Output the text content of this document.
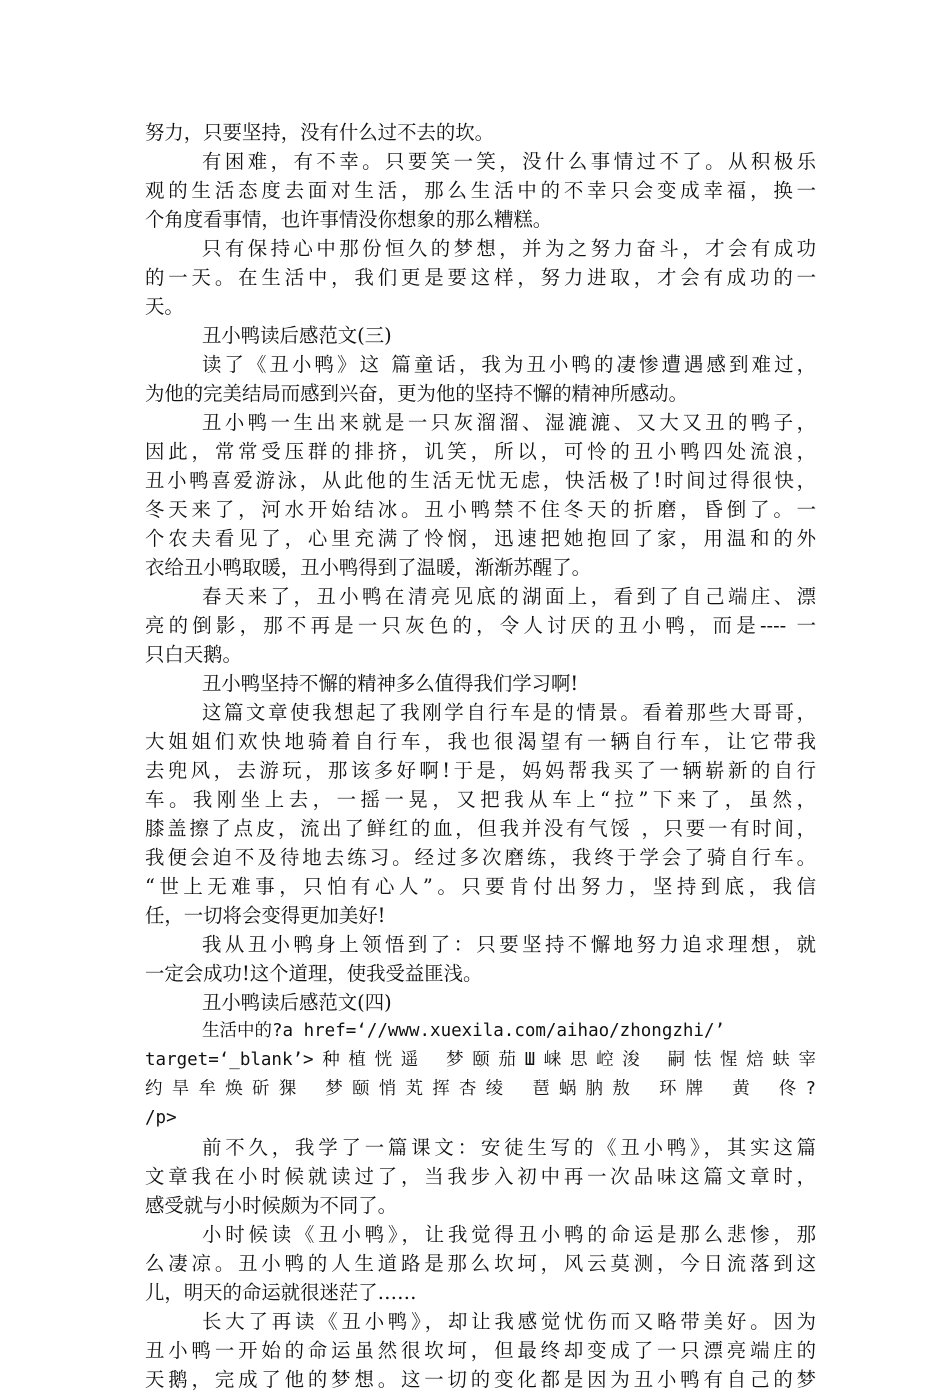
努力，只要坚持，没有什么过不去的坎。
有困难，有不幸。只要笑一笑，没什么事情过不了。从积极乐
观的生活态度去面对生活，那么生活中的不幸只会变成幸福，换一
个角度看事情，也许事情没你想象的那么糟糕。
只有保持心中那份恒久的梦想，并为之努力奋斗，才会有成功
的一天。在生活中，我们更是要这样，努力进取，才会有成功的一
天。
丑小鸭读后感范文(三)
读了《丑小鸭》这 篇童话，我为丑小鸭的凄惨遭遇感到难过，
为他的完美结局而感到兴奋，更为他的坚持不懈的精神所感动。
丑小鸭一生出来就是一只灰溜溜、湿漉漉、又大又丑的鸭子，
因此，常常受压群的排挤，讥笑，所以，可怜的丑小鸭四处流浪，
丑小鸭喜爱游泳，从此他的生活无忧无虑，快活极了!时间过得很快，
冬天来了，河水开始结冰。丑小鸭禁不住冬天的折磨，昏倒了。一
个农夫看见了，心里充满了怜悯，迅速把她抱回了家，用温和的外
衣给丑小鸭取暖，丑小鸭得到了温暖，渐渐苏醒了。
春天来了，丑小鸭在清亮见底的湖面上，看到了自己端庄、漂
亮的倒影，那不再是一只灰色的，令人讨厌的丑小鸭，而是---- 一
只白天鹅。
丑小鸭坚持不懈的精神多么值得我们学习啊!
这篇文章使我想起了我刚学自行车是的情景。看着那些大哥哥，
大姐姐们欢快地骑着自行车，我也很渴望有一辆自行车，让它带我
去兜风，去游玩，那该多好啊!于是，妈妈帮我买了一辆崭新的自行
车。我刚坐上去，一摇一晃，又把我从车上“拉”下来了，虽然，
膝盖擦了点皮，流出了鲜红的血，但我并没有气馁 ，只要一有时间，
我便会迫不及待地去练习。经过多次磨练，我终于学会了骑自行车。
“世上无难事，只怕有心人”。只要肯付出努力，坚持到底，我信
任，一切将会变得更加美好!
我从丑小鸭身上领悟到了：只要坚持不懈地努力追求理想，就
一定会成功!这个道理，使我受益匪浅。
丑小鸭读后感范文(四)
生活中的?a href=‘//www.xuexila.com/aihao/zhongzhi/’
target=‘_blank’>种植恍遥 梦颐茄Ш崃思崆浚 嗣怯惺焙蚨宰
约旱牟焕斫猓 梦颐悄芄挥杏绫 琶蜗肭敖 环牌 黄 佟?
/p>
前不久，我学了一篇课文：安徒生写的《丑小鸭》，其实这篇
文章我在小时候就读过了，当我步入初中再一次品味这篇文章时，
感受就与小时候颇为不同了。
小时候读《丑小鸭》，让我觉得丑小鸭的命运是那么悲惨，那
么凄凉。丑小鸭的人生道路是那么坎坷，风云莫测，今日流落到这
儿，明天的命运就很迷茫了……
长大了再读《丑小鸭》，却让我感觉忧伤而又略带美好。因为
丑小鸭一开始的命运虽然很坎坷，但最终却变成了一只漂亮端庄的
天鹅，完成了他的梦想。这一切的变化都是因为丑小鸭有自己的梦
